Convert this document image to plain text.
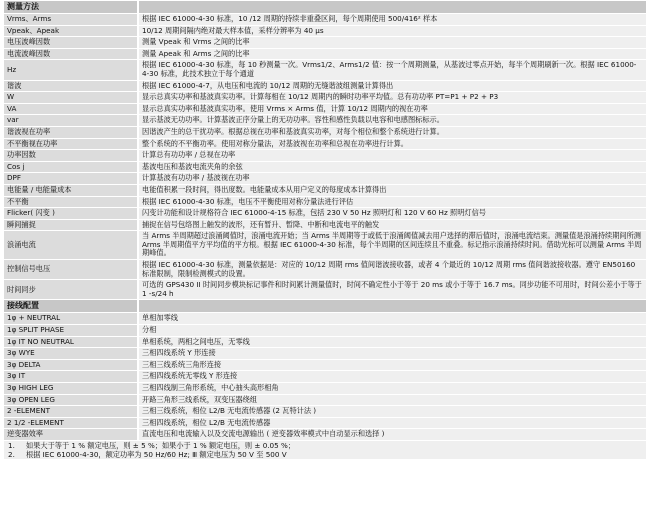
测量方法	
Vrms、Arms	根据 IEC 61000-4-30 标准，10 /12 周期的持续非重叠区间，每个周期使用 500/416² 样本
Vpeak、Apeak	10/12 周期间隔内绝对最大样本值，采样分辨率为 40 μs
电压波峰因数	测量 Vpeak 和 Vrms 之间的比率
电流波峰因数	测量 Apeak 和 Arms 之间的比率
Hz	根据 IEC 61000-4-30 标准，每 10 秒测量一次。Vrms1/2、Arms1/2 值：按一个周期测量，从基波过零点开始，每半个周期刷新一次。根据 IEC 61000-4-30 标准，此技术独立于每个通道
谐波	根据 IEC 61000-4-7，从电压和电流的 10/12 周期的无缝谐波组测量计算得出
W	显示总真实功率和基波真实功率。计算每相在 10/12 周期内的瞬时功率平均值。总有功功率 PT=P1 + P2 + P3
VA	显示总真实功率和基波真实功率。使用 Vrms × Arms 值，计算 10/12 周期内的视在功率
var	显示基波无功功率。计算基波正序分量上的无功功率。容性和感性负载以电容和电感图标标示。
谐波视在功率	因谐波产生的总干扰功率。根据总视在功率和基波真实功率，对每个相位和整个系统进行计算。
不平衡视在功率	整个系统的不平衡功率。使用对称分量法，对基波视在功率和总视在功率进行计算。
功率因数	计算总有功功率 / 总视在功率
Cos j	基波电压和基波电流夹角的余弦
DPF	计算基波有功功率 / 基波视在功率
电能量 / 电能量成本	电能值积累一段时间，得出度数。电能量成本从用户定义的每度成本计算得出
不平衡	根据 IEC 61000-4-30 标准，电压不平衡使用对称分量法进行评估
Flicker( 闪变 )	闪变计功能和设计规格符合 IEC 61000-4-15 标准，包括 230 V 50 Hz 照明灯和 120 V 60 Hz 照明灯信号
瞬间捕捉	捕捉在信号包络图上触发的波形，还有暂升、暂降、中断和电流电平的触发
浪涌电流	当 Arms 半周期超过浪涌阈值时，浪涌电流开始；当 Arms 半周期等于或低于浪涌阈值减去用户选择的滞后值时，浪涌电流结束。测量值是浪涌持续期间所测 Arms 半周期值平方平均值的平方根。根据 IEC 61000-4-30 标准，每个半周期的区间连续且不重叠。标记指示浪涌持续时间。借助光标可以测量 Arms 半周期峰值。
控制信号电压	根据 IEC 61000-4-30 标准，测量依据是：对应的 10/12 周期 rms 值间谐波接收器，或者 4 个最近的 10/12 周期 rms 值间谐波接收器。遵守 EN50160 标准限制，限制检测模式的设置。
时间同步	可选的 GPS430 II 时间同步模块标记事件和时间累计测量值时，时间不确定性小于等于 20 ms 或小于等于 16.7 ms。同步功能不可用时，时间公差小于等于 1 -s/24 h
接线配置	
1φ + NEUTRAL	单相加零线
1φ SPLIT PHASE	分相
1φ IT NO NEUTRAL	单相系统，两相之间电压，无零线
3φ WYE	三相四线系统 Y 形连接
3φ DELTA	三相三线系统三角形连接
3φ IT	三相四线系统无零线 Y 形连接
3φ HIGH LEG	三相四线制三角形系统，中心抽头高形相角
3φ OPEN LEG	开路三角形三线系统，双变压器绕组
2 -ELEMENT	三相三线系统，相位 L2/B 无电流传感器 (2 瓦特计法 )
2 1/2 -ELEMENT	三相四线系统，相位 L2/B 无电流传感器
逆变器效率	直流电压和电流输入以及交流电源输出 ( 逆变器效率模式中自动显示和选择 )
1.	如果大于等于 1 % 额定电压，则 ± 5 %；如果小于 1 % 额定电压，则 ± 0.05 %；
2.	根据 IEC 61000-4-30，额定功率为 50 Hz/60 Hz; Ⅲ 额定电压为 50 V 至 500 V
